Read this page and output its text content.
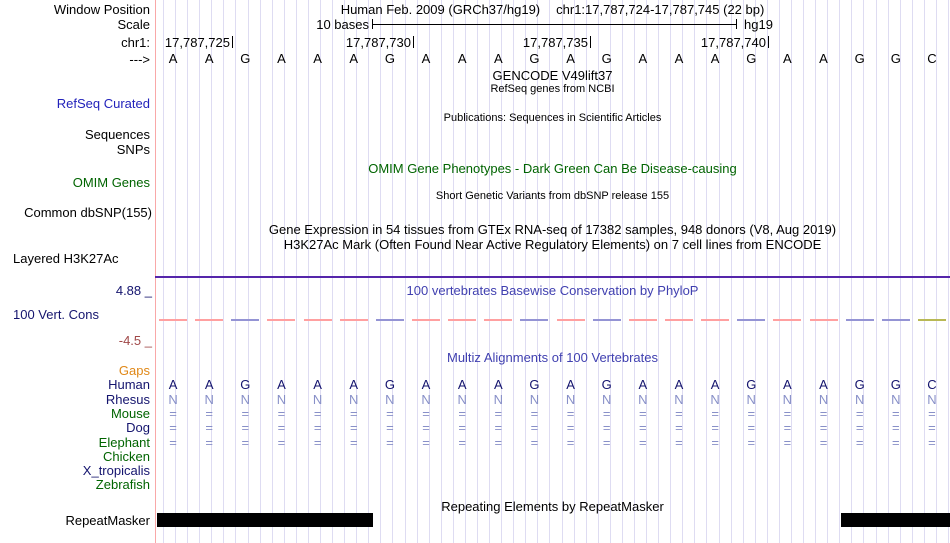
Human Feb. 2009 (GRCh37/hg19) chr1:17,787,724-17,787,745 (22 bp)
Window Position
Scale
chr1:
--->
RefSeq Curated
Sequences
SNPs
OMIM Genes
Common dbSNP(155)
Layered H3K27Ac
4.88 _
100 Vert. Cons
-4.5 _
RepeatMasker
10 bases	hg19
GENCODE V49lift37
RefSeq genes from NCBI
Publications: Sequences in Scientific Articles
OMIM Gene Phenotypes - Dark Green Can Be Disease-causing
Short Genetic Variants from dbSNP release 155
Gene Expression in 54 tissues from GTEx RNA-seq of 17382 samples, 948 donors (V8, Aug 2019)
H3K27Ac Mark (Often Found Near Active Regulatory Elements) on 7 cell lines from ENCODE
100 vertebrates Basewise Conservation by PhyloP
Multiz Alignments of 100 Vertebrates
Repeating Elements by RepeatMasker
17,787,725	17,787,730	17,787,735	17,787,740
A	A	G	A	A	A	G	A	A	A	G	A	G	A	A	A	G	A	A	G	G	C
Gaps
Human	A	A	G	A	A	A	G	A	A	A	G	A	G	A	A	A	G	A	A	G	G	C
Rhesus	N	N	N	N	N	N	N	N	N	N	N	N	N	N	N	N	N	N	N	N	N	N
Mouse	=	=	=	=	=	=	=	=	=	=	=	=	=	=	=	=	=	=	=	=	=	=
Dog	=	=	=	=	=	=	=	=	=	=	=	=	=	=	=	=	=	=	=	=	=	=
Elephant	=	=	=	=	=	=	=	=	=	=	=	=	=	=	=	=	=	=	=	=	=	=
Chicken
X_tropicalis
Zebrafish
